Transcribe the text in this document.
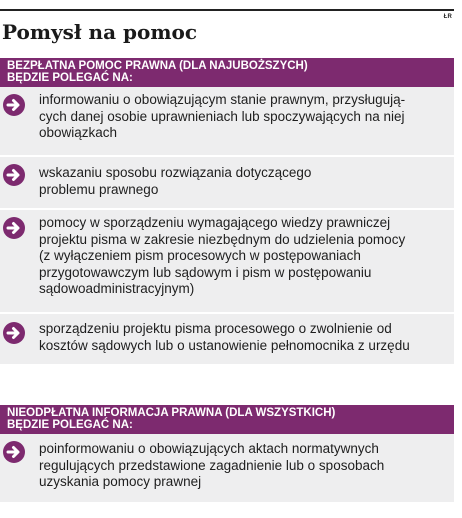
ŁR
Pomysł na pomoc
BEZPŁATNA POMOC PRAWNA (DLA NAJUBOŻSZYCH)
BĘDZIE POLEGAĆ NA:
informowaniu o obowiązującym stanie prawnym, przysługują-
cych danej osobie uprawnieniach lub spoczywających na niej
obowiązkach
wskazaniu sposobu rozwiązania dotyczącego
problemu prawnego
pomocy w sporządzeniu wymagającego wiedzy prawniczej
projektu pisma w zakresie niezbędnym do udzielenia pomocy
(z wyłączeniem pism procesowych w postępowaniach
przygotowawczym lub sądowym i pism w postępowaniu
sądowoadministracyjnym)
sporządzeniu projektu pisma procesowego o zwolnienie od
kosztów sądowych lub o ustanowienie pełnomocnika z urzędu
NIEODPŁATNA INFORMACJA PRAWNA (DLA WSZYSTKICH)
BĘDZIE POLEGAĆ NA:
poinformowaniu o obowiązujących aktach normatywnych
regulujących przedstawione zagadnienie lub o sposobach
uzyskania pomocy prawnej
